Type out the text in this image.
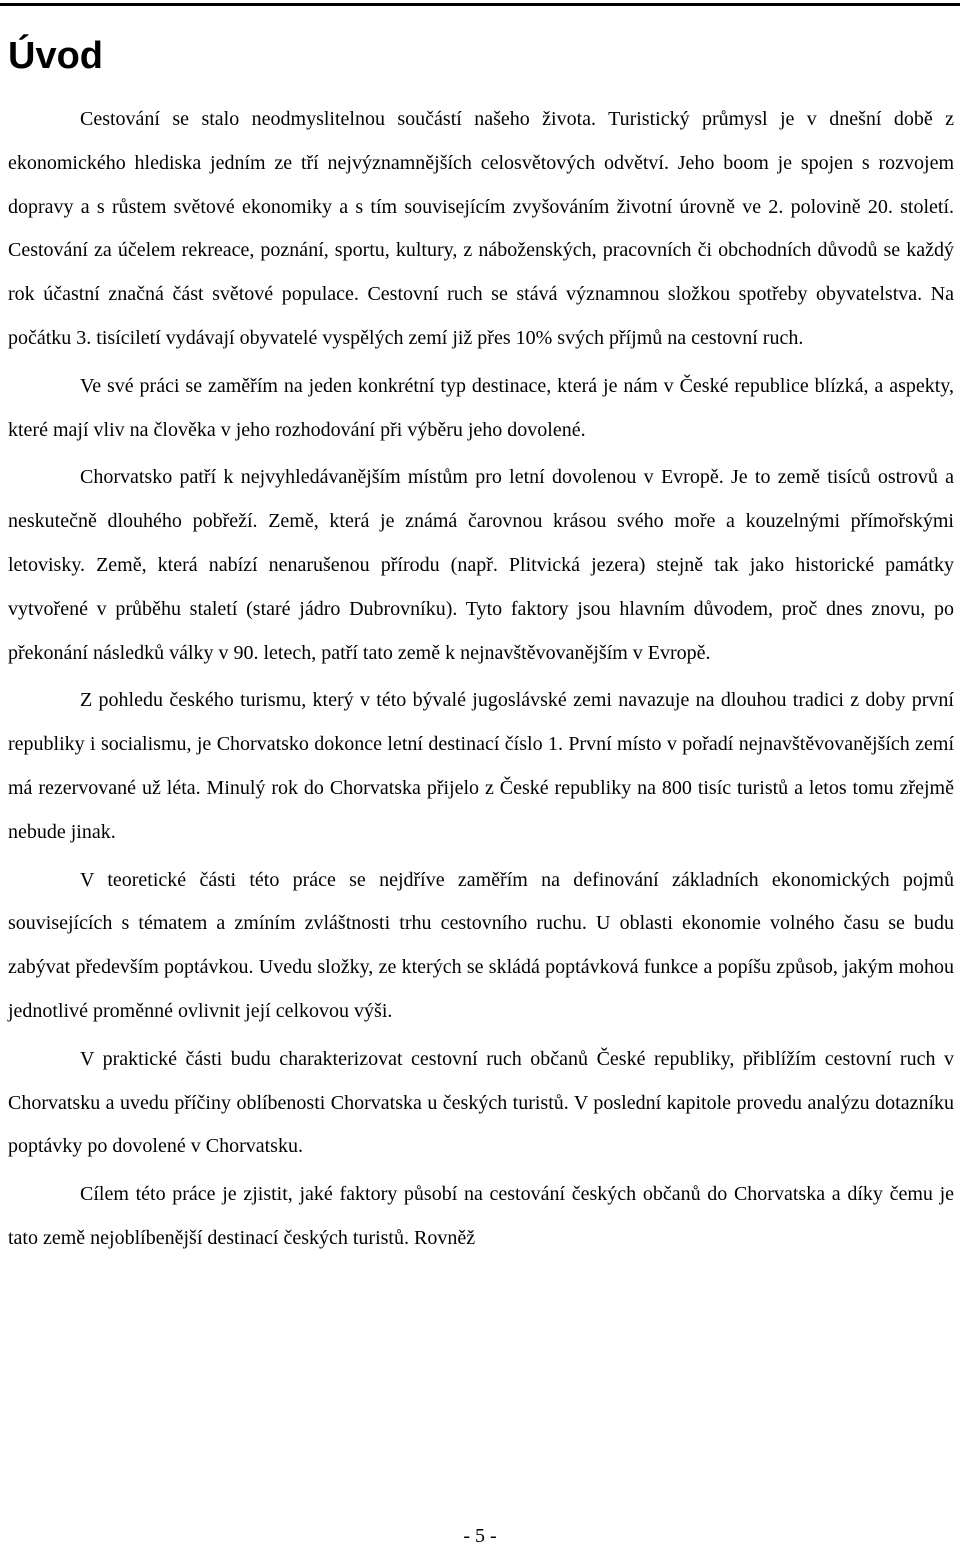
Úvod

Cestování se stalo neodmyslitelnou součástí našeho života. Turistický průmysl je v dnešní době z ekonomického hlediska jedním ze tří nejvýznamnějších celosvětových odvětví. Jeho boom je spojen s rozvojem dopravy a s růstem světové ekonomiky a s tím souvisejícím zvyšováním životní úrovně ve 2. polovině 20. století. Cestování za účelem rekreace, poznání, sportu, kultury, z náboženských, pracovních či obchodních důvodů se každý rok účastní značná část světové populace. Cestovní ruch se stává významnou složkou spotřeby obyvatelstva. Na počátku 3. tisíciletí vydávají obyvatelé vyspělých zemí již přes 10% svých příjmů na cestovní ruch.

Ve své práci se zaměřím na jeden konkrétní typ destinace, která je nám v České republice blízká, a aspekty, které mají vliv na člověka v jeho rozhodování při výběru jeho dovolené.

Chorvatsko patří k nejvyhledávanějším místům pro letní dovolenou v Evropě. Je to země tisíců ostrovů a neskutečně dlouhého pobřeží. Země, která je známá čarovnou krásou svého moře a kouzelnými přímořskými letovisky. Země, která nabízí nenarušenou přírodu (např. Plitvická jezera) stejně tak jako historické památky vytvořené v průběhu staletí (staré jádro Dubrovníku). Tyto faktory jsou hlavním důvodem, proč dnes znovu, po překonání následků války v 90. letech, patří tato země k nejnavštěvovanějším v Evropě.

Z pohledu českého turismu, který v této bývalé jugoslávské zemi navazuje na dlouhou tradici z doby první republiky i socialismu, je Chorvatsko dokonce letní destinací číslo 1. První místo v pořadí nejnavštěvovanějších zemí má rezervované už léta. Minulý rok do Chorvatska přijelo z České republiky na 800 tisíc turistů a letos tomu zřejmě nebude jinak.

V teoretické části této práce se nejdříve zaměřím na definování základních ekonomických pojmů souvisejících s tématem a zmíním zvláštnosti trhu cestovního ruchu. U oblasti ekonomie volného času se budu zabývat především poptávkou. Uvedu složky, ze kterých se skládá poptávková funkce a popíšu způsob, jakým mohou jednotlivé proměnné ovlivnit její celkovou výši.

V praktické části budu charakterizovat cestovní ruch občanů České republiky, přiblížím cestovní ruch v Chorvatsku a uvedu příčiny oblíbenosti Chorvatska u českých turistů. V poslední kapitole provedu analýzu dotazníku poptávky po dovolené v Chorvatsku.

Cílem této práce je zjistit, jaké faktory působí na cestování českých občanů do Chorvatska a díky čemu je tato země nejoblíbenější destinací českých turistů. Rovněž

- 5 -
